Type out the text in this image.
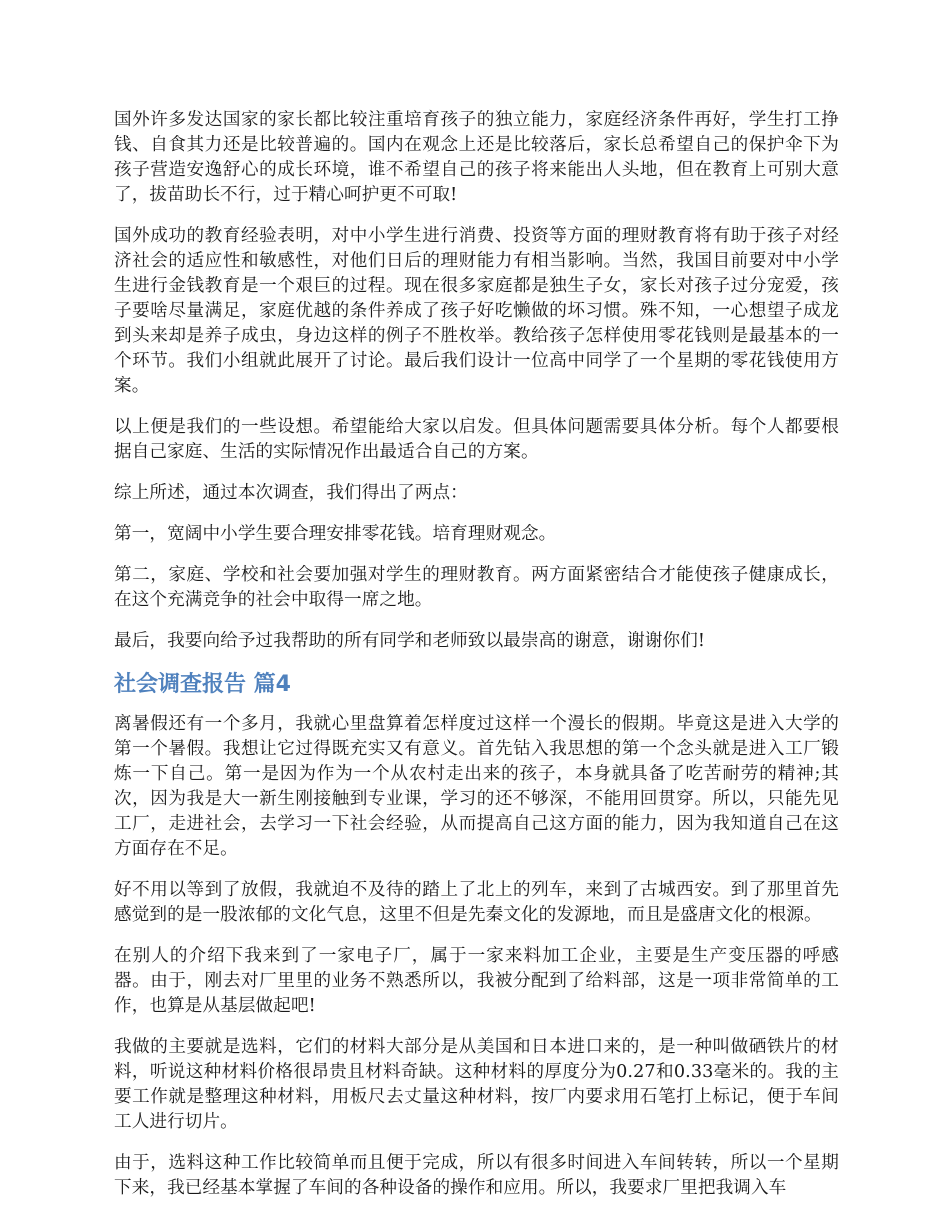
国外许多发达国家的家长都比较注重培育孩子的独立能力，家庭经济条件再好，学生打工挣钱、自食其力还是比较普遍的。国内在观念上还是比较落后，家长总希望自己的保护伞下为孩子营造安逸舒心的成长环境，谁不希望自己的孩子将来能出人头地，但在教育上可别大意了，拔苗助长不行，过于精心呵护更不可取!

国外成功的教育经验表明，对中小学生进行消费、投资等方面的理财教育将有助于孩子对经济社会的适应性和敏感性，对他们日后的理财能力有相当影响。当然，我国目前要对中小学生进行金钱教育是一个艰巨的过程。现在很多家庭都是独生子女，家长对孩子过分宠爱，孩子要啥尽量满足，家庭优越的条件养成了孩子好吃懒做的坏习惯。殊不知，一心想望子成龙到头来却是养子成虫，身边这样的例子不胜枚举。教给孩子怎样使用零花钱则是最基本的一个环节。我们小组就此展开了讨论。最后我们设计一位高中同学了一个星期的零花钱使用方案。

以上便是我们的一些设想。希望能给大家以启发。但具体问题需要具体分析。每个人都要根据自己家庭、生活的实际情况作出最适合自己的方案。

综上所述，通过本次调查，我们得出了两点：

第一，宽阔中小学生要合理安排零花钱。培育理财观念。

第二，家庭、学校和社会要加强对学生的理财教育。两方面紧密结合才能使孩子健康成长，在这个充满竞争的社会中取得一席之地。

最后，我要向给予过我帮助的所有同学和老师致以最崇高的谢意，谢谢你们!

社会调查报告 篇4

离暑假还有一个多月，我就心里盘算着怎样度过这样一个漫长的假期。毕竟这是进入大学的第一个暑假。我想让它过得既充实又有意义。首先钻入我思想的第一个念头就是进入工厂锻炼一下自己。第一是因为作为一个从农村走出来的孩子，本身就具备了吃苦耐劳的精神;其次，因为我是大一新生刚接触到专业课，学习的还不够深，不能用回贯穿。所以，只能先见工厂，走进社会，去学习一下社会经验，从而提高自己这方面的能力，因为我知道自己在这方面存在不足。

好不用以等到了放假，我就迫不及待的踏上了北上的列车，来到了古城西安。到了那里首先感觉到的是一股浓郁的文化气息，这里不但是先秦文化的发源地，而且是盛唐文化的根源。

在别人的介绍下我来到了一家电子厂，属于一家来料加工企业，主要是生产变压器的呼感器。由于，刚去对厂里里的业务不熟悉所以，我被分配到了给料部，这是一项非常简单的工作，也算是从基层做起吧!

我做的主要就是选料，它们的材料大部分是从美国和日本进口来的，是一种叫做硒铁片的材料，听说这种材料价格很昂贵且材料奇缺。这种材料的厚度分为0.27和0.33毫米的。我的主要工作就是整理这种材料，用板尺去丈量这种材料，按厂内要求用石笔打上标记，便于车间工人进行切片。

由于，选料这种工作比较简单而且便于完成，所以有很多时间进入车间转转，所以一个星期下来，我已经基本掌握了车间的各种设备的操作和应用。所以，我要求厂里把我调入车
